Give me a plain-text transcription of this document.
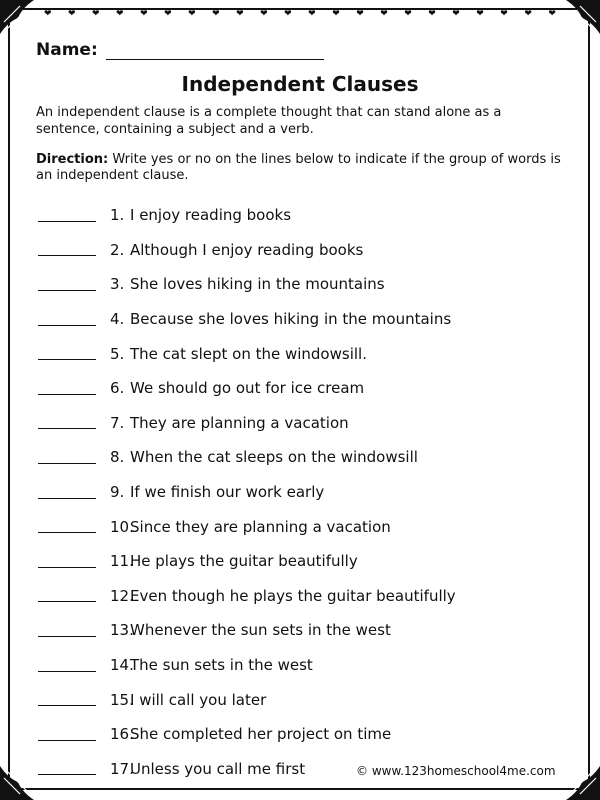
❤ ❤ ❤ ❤ ❤ ❤ ❤ ❤ ❤ ❤ ❤ ❤ ❤ ❤ ❤ ❤ ❤ ❤ ❤ ❤ ❤ ❤
Name:
Independent Clauses
An independent clause is a complete thought that can stand alone as a sentence, containing a subject and a verb.
Direction: Write yes or no on the lines below to indicate if the group of words is an independent clause.
1. I enjoy reading books
2. Although I enjoy reading books
3. She loves hiking in the mountains
4. Because she loves hiking in the mountains
5. The cat slept on the windowsill.
6. We should go out for ice cream
7. They are planning a vacation
8. When the cat sleeps on the windowsill
9. If we finish our work early
10.
Since they are planning a vacation
11.
He plays the guitar beautifully
12.
Even though he plays the guitar beautifully
13.
Whenever the sun sets in the west
14.
The sun sets in the west
15.
I will call you later
16.
She completed her project on time
17.
Unless you call me first	© www.123homeschool4me.com
